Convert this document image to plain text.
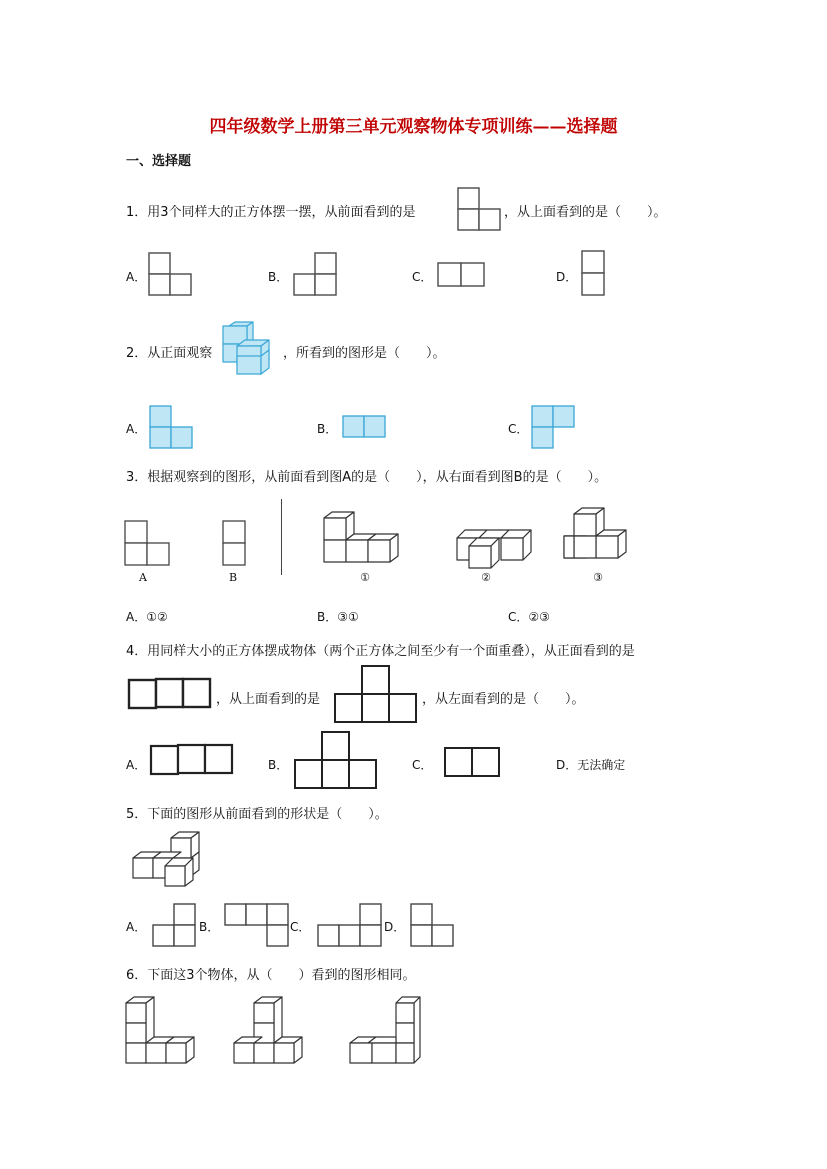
四年级数学上册第三单元观察物体专项训练——选择题
一、选择题
1．用3个同样大的正方体摆一摆，从前面看到的是	，从上面看到的是（　　）。
A．	B．	C．	D．
2．从正面观察	，所看到的图形是（　　）。
A．	B．	C．
3．根据观察到的图形，从前面看到图A的是（　　），从右面看到图B的是（　　）。
A	B	①	②	③
A．①②	B．③①	C．②③
4．用同样大小的正方体摆成物体（两个正方体之间至少有一个面重叠），从正面看到的是
，从上面看到的是	，从左面看到的是（　　）。
A．	B．	C．	D．无法确定
5．下面的图形从前面看到的形状是（　　）。
A．	B．	C．	D．
6．下面这3个物体，从（　　）看到的图形相同。
